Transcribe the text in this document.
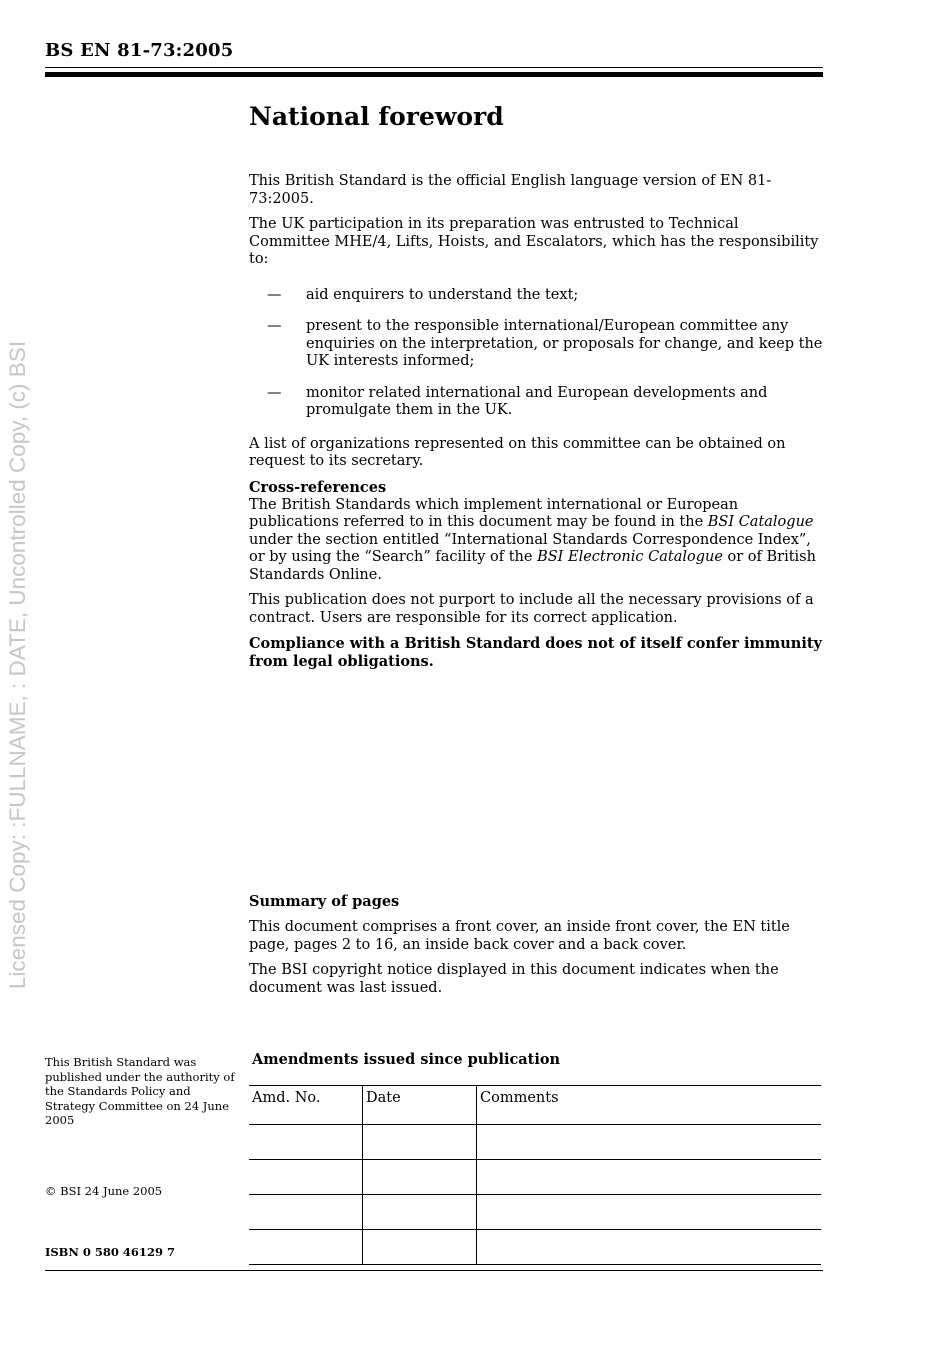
BS EN 81-73:2005
Licensed Copy: :FULLNAME, : DATE, Uncontrolled Copy, (c) BSI
National foreword

This British Standard is the official English language version of EN 81-73:2005.

The UK participation in its preparation was entrusted to Technical Committee MHE/4, Lifts, Hoists, and Escalators, which has the responsibility to:

— aid enquirers to understand the text;
— present to the responsible international/European committee any enquiries on the interpretation, or proposals for change, and keep the UK interests informed;
— monitor related international and European developments and promulgate them in the UK.

A list of organizations represented on this committee can be obtained on request to its secretary.

Cross-references

The British Standards which implement international or European publications referred to in this document may be found in the BSI Catalogue under the section entitled “International Standards Correspondence Index”, or by using the “Search” facility of the BSI Electronic Catalogue or of British Standards Online.

This publication does not purport to include all the necessary provisions of a contract. Users are responsible for its correct application.

Compliance with a British Standard does not of itself confer immunity from legal obligations.

Summary of pages

This document comprises a front cover, an inside front cover, the EN title page, pages 2 to 16, an inside back cover and a back cover.

The BSI copyright notice displayed in this document indicates when the document was last issued.

This British Standard was published under the authority of the Standards Policy and Strategy Committee on 24 June 2005
© BSI 24 June 2005
ISBN 0 580 46129 7
Amendments issued since publication
Amd. No.	Date	Comments
